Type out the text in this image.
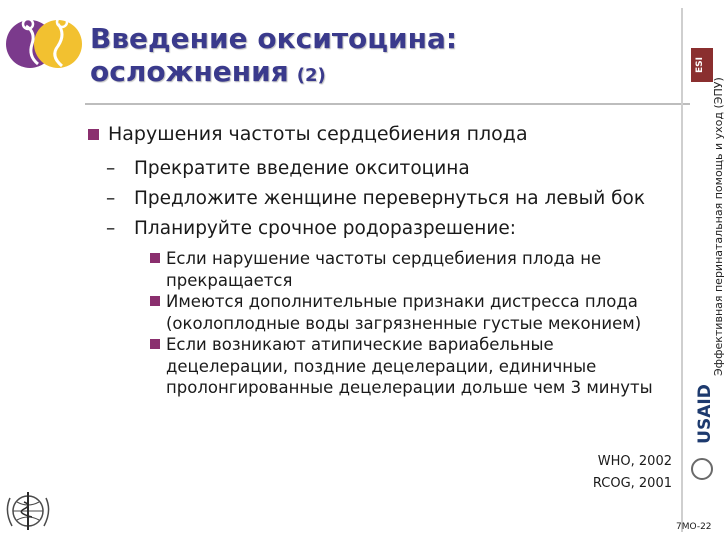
Введение окситоцина:
осложнения (2)	ESI
Эффективная перинатальная помощь и уход (ЭПУ)
USAID
Нарушения частоты сердцебиения плода
– Прекратите введение окситоцина
– Предложите женщине перевернуться на левый бок
– Планируйте срочное родоразрешение:
Если нарушение частоты сердцебиения плода не прекращается
Имеются дополнительные признаки дистресса плода (околоплодные воды загрязненные густые меконием)
Если возникают атипические вариабельные децелерации, поздние децелерации, единичные пролонгированные децелерации дольше чем 3 минуты
WHO, 2002
RCOG, 2001
7MO-22
